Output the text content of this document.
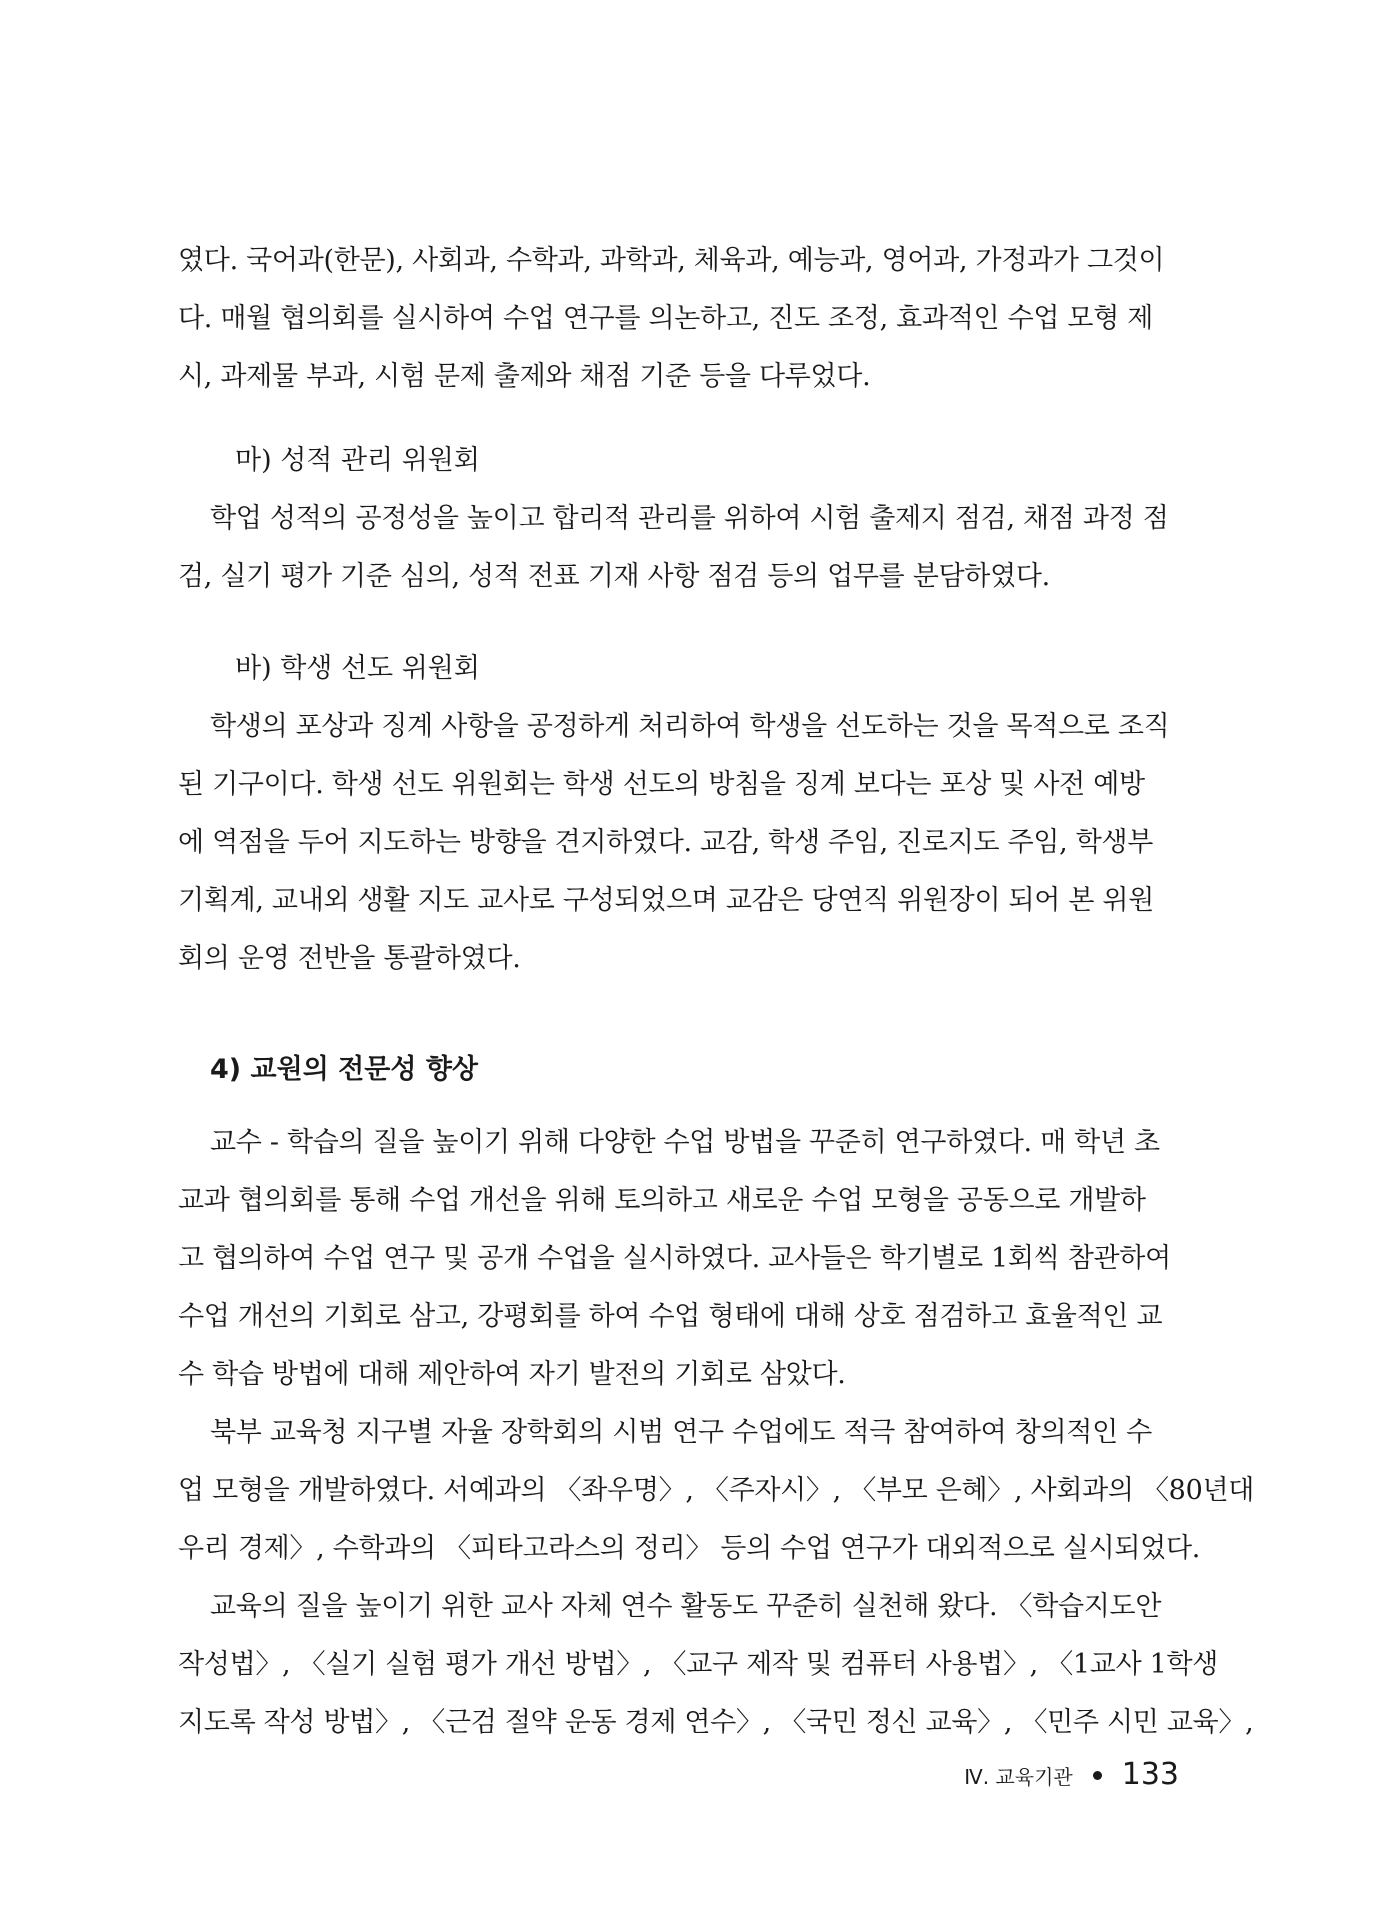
였다. 국어과(한문), 사회과, 수학과, 과학과, 체육과, 예능과, 영어과, 가정과가 그것이
다. 매월 협의회를 실시하여 수업 연구를 의논하고, 진도 조정, 효과적인 수업 모형 제
시, 과제물 부과, 시험 문제 출제와 채점 기준 등을 다루었다.
마) 성적 관리 위원회
학업 성적의 공정성을 높이고 합리적 관리를 위하여 시험 출제지 점검, 채점 과정 점
검, 실기 평가 기준 심의, 성적 전표 기재 사항 점검 등의 업무를 분담하였다.
바) 학생 선도 위원회
학생의 포상과 징계 사항을 공정하게 처리하여 학생을 선도하는 것을 목적으로 조직
된 기구이다. 학생 선도 위원회는 학생 선도의 방침을 징계 보다는 포상 및 사전 예방
에 역점을 두어 지도하는 방향을 견지하였다. 교감, 학생 주임, 진로지도 주임, 학생부
기획계, 교내외 생활 지도 교사로 구성되었으며 교감은 당연직 위원장이 되어 본 위원
회의 운영 전반을 통괄하였다.
4) 교원의 전문성 향상
교수 - 학습의 질을 높이기 위해 다양한 수업 방법을 꾸준히 연구하였다. 매 학년 초
교과 협의회를 통해 수업 개선을 위해 토의하고 새로운 수업 모형을 공동으로 개발하
고 협의하여 수업 연구 및 공개 수업을 실시하였다. 교사들은 학기별로 1회씩 참관하여
수업 개선의 기회로 삼고, 강평회를 하여 수업 형태에 대해 상호 점검하고 효율적인 교
수 학습 방법에 대해 제안하여 자기 발전의 기회로 삼았다.
북부 교육청 지구별 자율 장학회의 시범 연구 수업에도 적극 참여하여 창의적인 수
업 모형을 개발하였다. 서예과의 〈좌우명〉, 〈주자시〉, 〈부모 은혜〉, 사회과의 〈80년대
우리 경제〉, 수학과의 〈피타고라스의 정리〉 등의 수업 연구가 대외적으로 실시되었다.
교육의 질을 높이기 위한 교사 자체 연수 활동도 꾸준히 실천해 왔다. 〈학습지도안
작성법〉, 〈실기 실험 평가 개선 방법〉, 〈교구 제작 및 컴퓨터 사용법〉, 〈1교사 1학생
지도록 작성 방법〉, 〈근검 절약 운동 경제 연수〉, 〈국민 정신 교육〉, 〈민주 시민 교육〉,
Ⅳ. 교육기관 133
